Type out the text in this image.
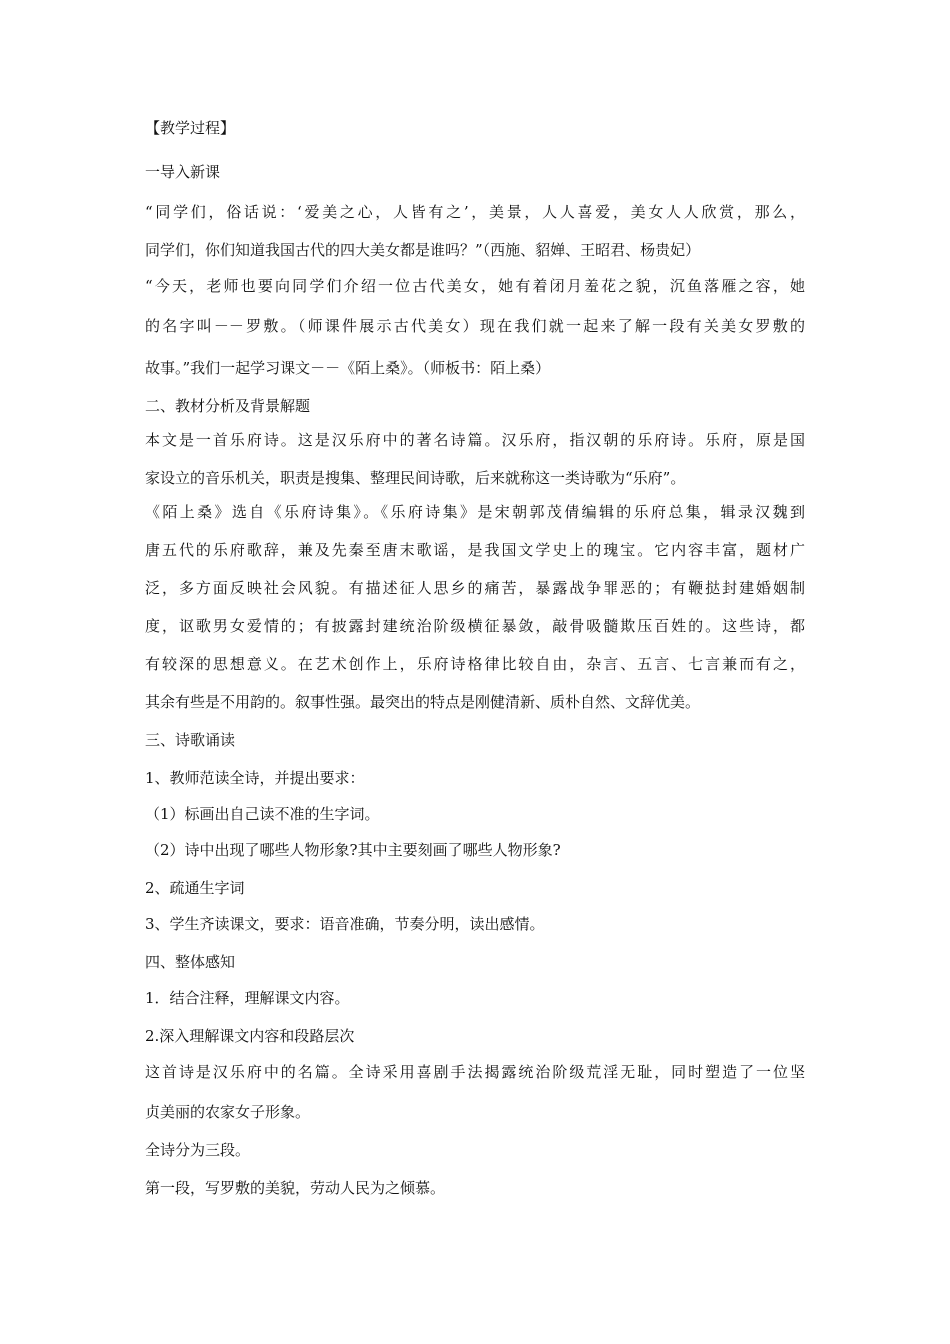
【教学过程】

一导入新课

“同学们，俗话说：‘爱美之心，人皆有之’，美景，人人喜爱，美女人人欣赏，那么，

同学们，你们知道我国古代的四大美女都是谁吗？”（西施、貂婵、王昭君、杨贵妃）

“今天，老师也要向同学们介绍一位古代美女，她有着闭月羞花之貌，沉鱼落雁之容，她

的名字叫－－罗敷。（师课件展示古代美女）现在我们就一起来了解一段有关美女罗敷的

故事。”我们一起学习课文－－《陌上桑》。（师板书：陌上桑）

二、教材分析及背景解题

本文是一首乐府诗。这是汉乐府中的著名诗篇。汉乐府，指汉朝的乐府诗。乐府，原是国

家设立的音乐机关，职责是搜集、整理民间诗歌，后来就称这一类诗歌为“乐府”。

《陌上桑》选自《乐府诗集》。《乐府诗集》是宋朝郭茂倩编辑的乐府总集，辑录汉魏到

唐五代的乐府歌辞，兼及先秦至唐末歌谣，是我国文学史上的瑰宝。它内容丰富，题材广

泛，多方面反映社会风貌。有描述征人思乡的痛苦，暴露战争罪恶的；有鞭挞封建婚姻制

度，讴歌男女爱情的；有披露封建统治阶级横征暴敛，敲骨吸髓欺压百姓的。这些诗，都

有较深的思想意义。在艺术创作上，乐府诗格律比较自由，杂言、五言、七言兼而有之，

其余有些是不用韵的。叙事性强。最突出的特点是刚健清新、质朴自然、文辞优美。

三、诗歌诵读

1、教师范读全诗，并提出要求：

（1）标画出自己读不准的生字词。

（2）诗中出现了哪些人物形象?其中主要刻画了哪些人物形象?

2、疏通生字词

3、学生齐读课文，要求：语音准确，节奏分明，读出感情。

四、整体感知

1．结合注释，理解课文内容。

2.深入理解课文内容和段路层次

这首诗是汉乐府中的名篇。全诗采用喜剧手法揭露统治阶级荒淫无耻，同时塑造了一位坚

贞美丽的农家女子形象。

全诗分为三段。

第一段，写罗敷的美貌，劳动人民为之倾慕。
